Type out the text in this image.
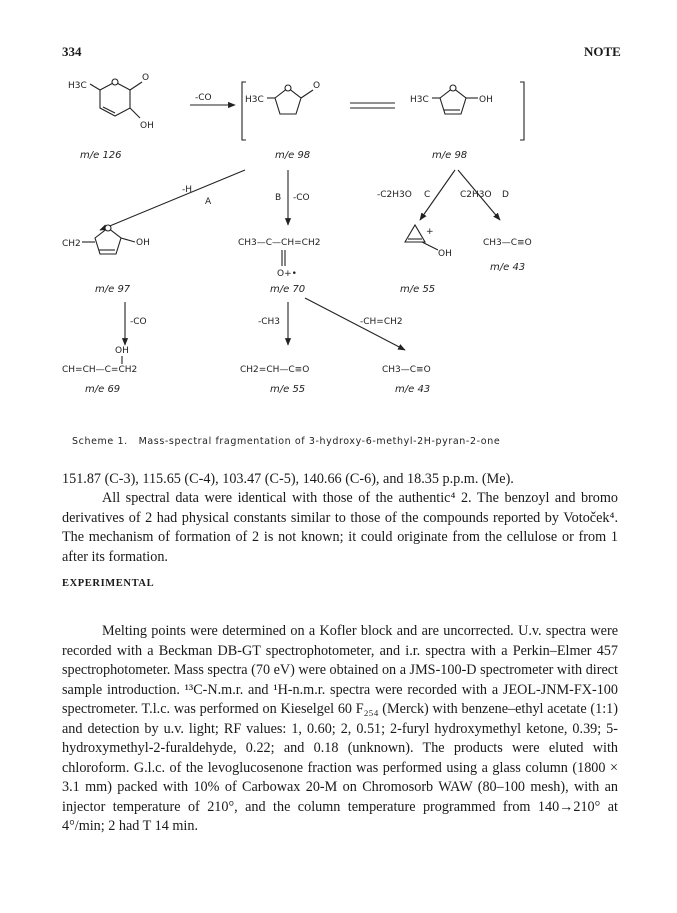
334	NOTE
H3C
O
OH
m/e 126
-CO	H3C
O
m/e 98
H3C	OH
m/e 98
-H
A	B -CO	-C2H3O C	C2H3O D
CH2	OH
m/e 97
CH3—C—CH=CH2
O+•
m/e 70
+
OH
m/e 55
CH3—C≡O
m/e 43
-CO	-CH3	-CH=CH2
OH
CH=CH—C=CH2
m/e 69
CH2=CH—C≡O
m/e 55
CH3—C≡O
m/e 43
Scheme 1. Mass-spectral fragmentation of 3-hydroxy-6-methyl-2H-pyran-2-one
151.87 (C-3), 115.65 (C-4), 103.47 (C-5), 140.66 (C-6), and 18.35 p.p.m. (Me).
All spectral data were identical with those of the authentic⁴ 2. The benzoyl and bromo derivatives of 2 had physical constants similar to those of the compounds reported by Votoček⁴. The mechanism of formation of 2 is not known; it could originate from the cellulose or from 1 after its formation.
EXPERIMENTAL
Melting points were determined on a Kofler block and are uncorrected. U.v. spectra were recorded with a Beckman DB-GT spectrophotometer, and i.r. spectra with a Perkin–Elmer 457 spectrophotometer. Mass spectra (70 eV) were obtained on a JMS-100-D spectrometer with direct sample introduction. ¹³C-N.m.r. and ¹H-n.m.r. spectra were recorded with a JEOL-JNM-FX-100 spectrometer. T.l.c. was performed on Kieselgel 60 F₂₅₄ (Merck) with benzene–ethyl acetate (1:1) and detection by u.v. light; RF values: 1, 0.60; 2, 0.51; 2-furyl hydroxymethyl ketone, 0.39; 5-hydroxymethyl-2-furaldehyde, 0.22; and 0.18 (unknown). The products were eluted with chloroform. G.l.c. of the levoglucosenone fraction was performed using a glass column (1800 × 3.1 mm) packed with 10% of Carbowax 20-M on Chromosorb WAW (80–100 mesh), with an injector temperature of 210°, and the column temperature programmed from 140→210° at 4°/min; 2 had T 14 min.
